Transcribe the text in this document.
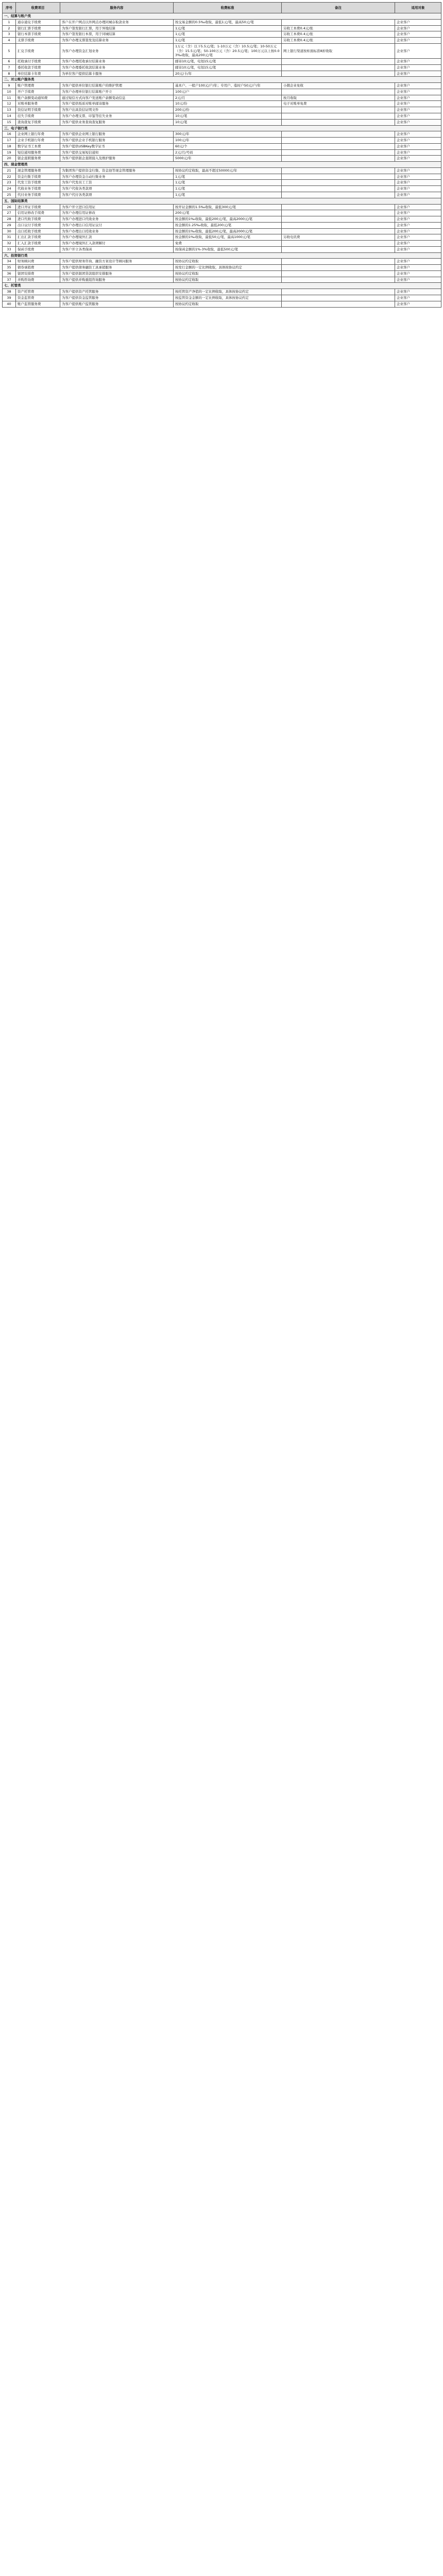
序号	收费项目	服务内容	收费标准	备注	适用对象
一、结算与账户类					
1	通存通兑手续费	客户在开户网点以外网点办理同城存取款业务	按交易金额的0.5‰收取，最低1元/笔，最高50元/笔		企业客户
2	银行汇票手续费	为客户签发银行汇票，用于异地结算	1元/笔	另收工本费0.4元/张	企业客户
3	银行本票手续费	为客户签发银行本票，用于同城结算	1元/笔	另收工本费0.4元/张	企业客户
4	支票手续费	为客户办理支票签发及结算业务	1元/笔	另收工本费0.4元/张	企业客户
5	汇兑手续费	为客户办理资金汇划业务	1万元（含）以下5.5元/笔；1-10万元（含）10.5元/笔；10-50万元（含）15.5元/笔；50-100万元（含）20.5元/笔；100万元以上按0.03‰收取，最高200元/笔	网上银行渠道按柜面标准8折收取	企业客户
6	托收承付手续费	为客户办理托收承付结算业务	邮寄10元/笔，电划15元/笔		企业客户
7	委托收款手续费	为客户办理委托收款结算业务	邮寄10元/笔，电划15元/笔		企业客户
8	单位结算卡年费	为单位客户提供结算卡服务	20元/卡/年		企业客户
二、对公账户服务类					
9	账户管理费	为客户提供单位银行结算账户的维护管理	基本户、一般户100元/户/年；专用户、临时户50元/户/年	小微企业免收	企业客户
10	开户手续费	为客户办理单位银行结算账户开立	100元/户		企业客户
11	账户余额变动通知费	通过短信方式向客户发送账户余额变动信息	2元/月	按月收取	企业客户
12	对账单服务费	为客户提供纸质对账单邮寄服务	10元/份	电子对账单免费	企业客户
13	资信证明手续费	为客户出具资信证明文件	200元/份		企业客户
14	挂失手续费	为客户办理支票、印鉴等挂失业务	10元/笔		企业客户
15	查询查复手续费	为客户提供业务查询查复服务	10元/笔		企业客户
三、电子银行类					
16	企业网上银行年费	为客户提供企业网上银行服务	300元/年		企业客户
17	企业手机银行年费	为客户提供企业手机银行服务	100元/年		企业客户
18	数字证书工本费	为客户提供USBKey数字证书	60元/个		企业客户
19	短信通知服务费	为客户提供交易短信通知	2元/月/号码		企业客户
20	银企直联服务费	为客户提供银企直联接入及维护服务	5000元/年		企业客户
四、现金管理类					
21	现金管理服务费	为集团客户提供资金归集、资金池等现金管理服务	按协议约定收取，最高不超过50000元/年		企业客户
22	资金归集手续费	为客户办理资金自动归集业务	1元/笔		企业客户
23	代发工资手续费	为客户代发员工工资	1元/笔		企业客户
24	代收业务手续费	为客户代收各类款项	1元/笔		企业客户
25	代付业务手续费	为客户代付各类款项	1元/笔		企业客户
五、国际结算类					
26	进口开证手续费	为客户开立进口信用证	按开证金额的1.5‰收取，最低300元/笔		企业客户
27	信用证修改手续费	为客户办理信用证修改	200元/笔		企业客户
28	进口代收手续费	为客户办理进口代收业务	按金额的1‰收取，最低200元/笔，最高2000元/笔		企业客户
29	出口议付手续费	为客户办理出口信用证议付	按金额的1.25‰收取，最低200元/笔		企业客户
30	出口托收手续费	为客户办理出口托收业务	按金额的1‰收取，最低200元/笔，最高2000元/笔		企业客户
31	汇出汇款手续费	为客户办理境外汇款	按金额的1‰收取，最低50元/笔，最高1000元/笔	另收电讯费	企业客户
32	汇入汇款手续费	为客户办理境外汇入款项解付	免费		企业客户
33	保函手续费	为客户开立各类保函	按保函金额的1%-3%收取，最低500元/笔		企业客户
六、投资银行类					
34	财务顾问费	为客户提供财务咨询、融资方案设计等顾问服务	按协议约定收取		企业客户
35	债券承销费	为客户提供债务融资工具承销服务	按发行金额的一定比例收取，具体按协议约定		企业客户
36	银团安排费	为客户提供银团贷款组织安排服务	按协议约定收取		企业客户
37	并购咨询费	为客户提供并购重组咨询服务	按协议约定收取		企业客户
七、托管类					
38	资产托管费	为客户提供资产托管服务	按托管资产净值的一定比例收取，具体按协议约定		企业客户
39	资金监管费	为客户提供资金监管服务	按监管资金金额的一定比例收取，具体按协议约定		企业客户
40	账户监管服务费	为客户提供账户监管服务	按协议约定收取		企业客户
